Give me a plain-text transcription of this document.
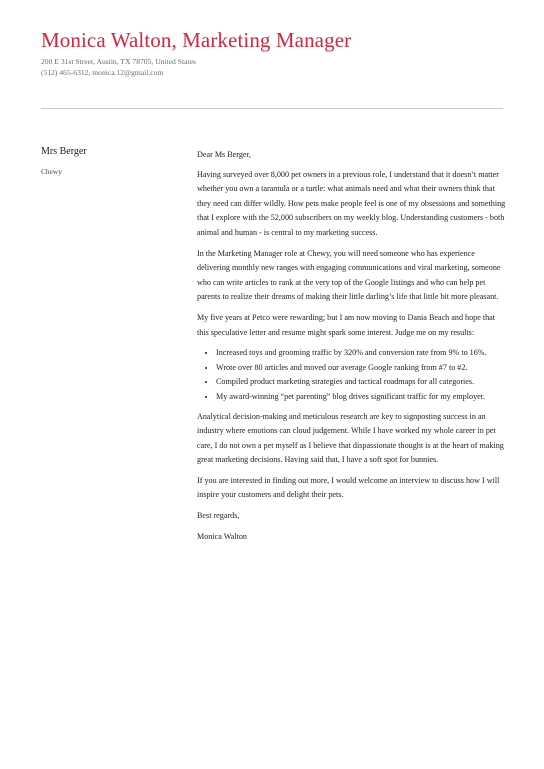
Monica Walton, Marketing Manager
200 E 31st Street, Austin, TX 78705, United States
(512) 465-6312, monica.12@gmail.com
Mrs Berger
Chewy

Dear Ms Berger,

Having surveyed over 8,000 pet owners in a previous role, I understand that it doesn’t matter whether you own a tarantula or a turtle: what animals need and what their owners think that they need can differ wildly. How pets make people feel is one of my obsessions and something that I explore with the 52,000 subscribers on my weekly blog. Understanding customers - both animal and human - is central to my marketing success.

In the Marketing Manager role at Chewy, you will need someone who has experience delivering monthly new ranges with engaging communications and viral marketing, someone who can write articles to rank at the very top of the Google listings and who can help pet parents to realize their dreams of making their little darling’s life that little bit more pleasant.

My five years at Petco were rewarding; but I am now moving to Dania Beach and hope that this speculative letter and resume might spark some interest. Judge me on my results:

• Increased toys and grooming traffic by 320% and conversion rate from 9% to 16%.
• Wrote over 80 articles and moved our average Google ranking from #7 to #2.
• Compiled product marketing strategies and tactical roadmaps for all categories.
• My award-winning “pet parenting” blog drives significant traffic for my employer.

Analytical decision-making and meticulous research are key to signposting success in an industry where emotions can cloud judgement. While I have worked my whole career in pet care, I do not own a pet myself as I believe that dispassionate thought is at the heart of making great marketing decisions. Having said that, I have a soft spot for bunnies.

If you are interested in finding out more, I would welcome an interview to discuss how I will inspire your customers and delight their pets.

Best regards,

Monica Walton
